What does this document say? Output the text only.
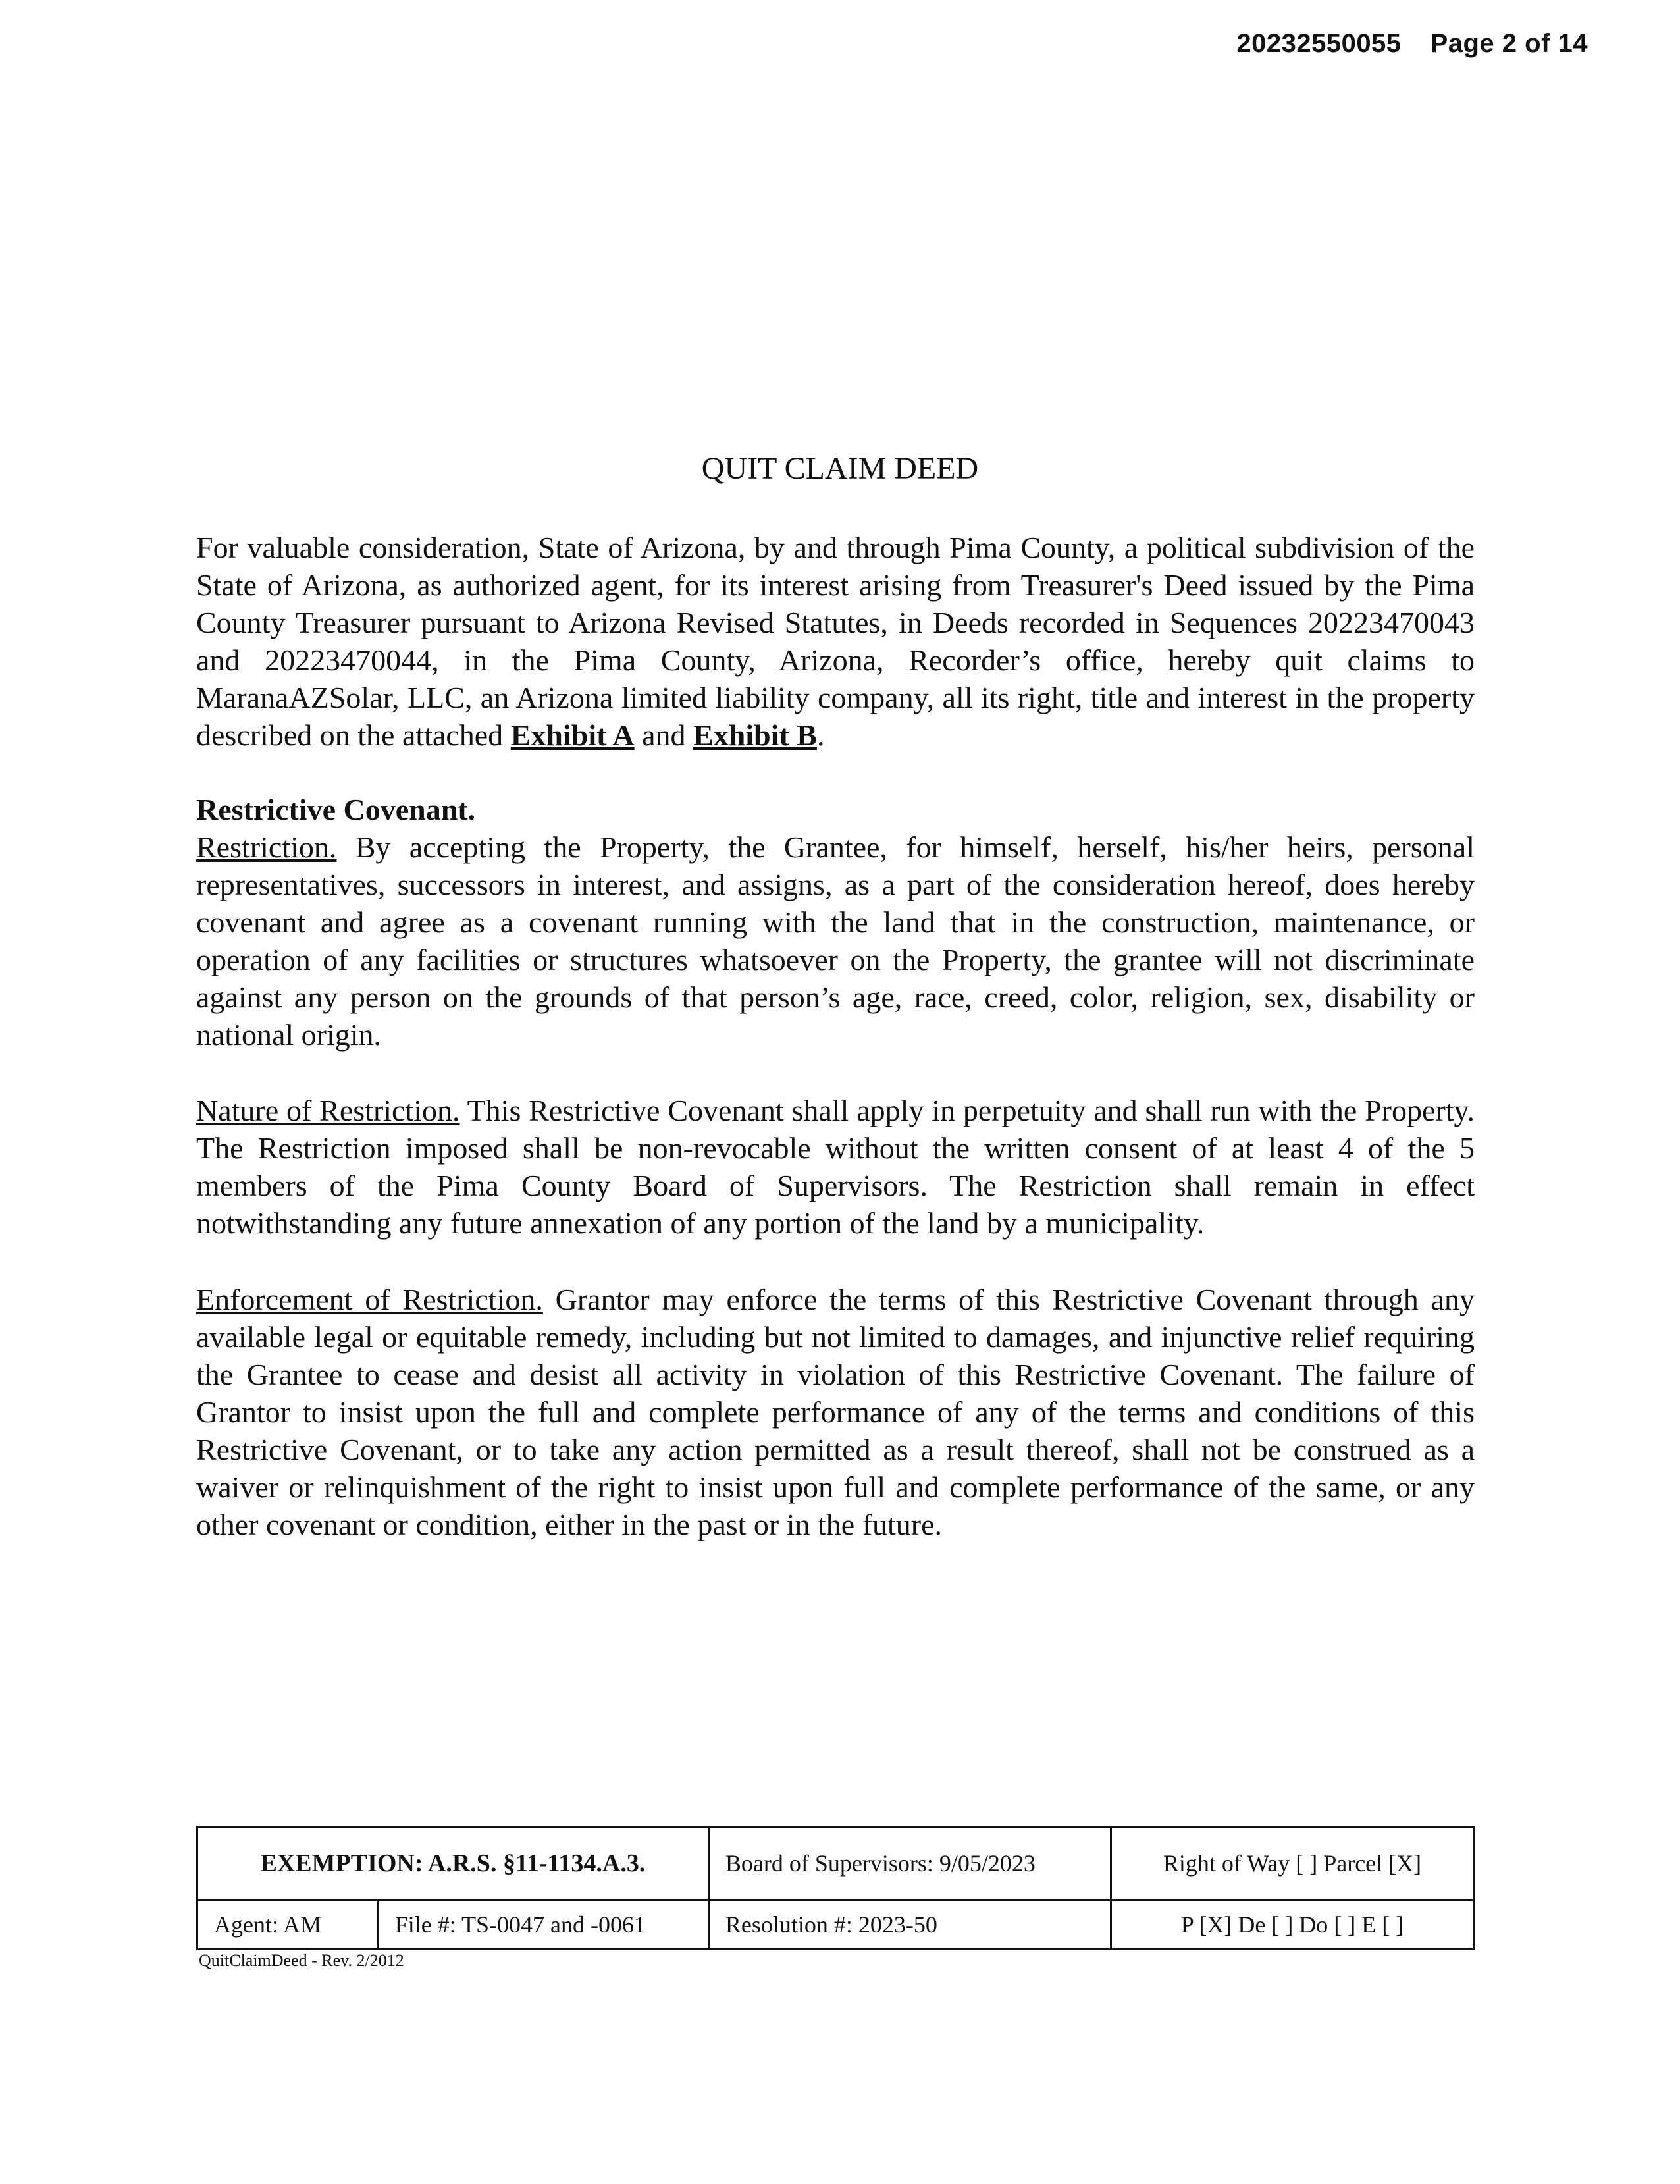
20232550055 Page 2 of 14
QUIT CLAIM DEED
For valuable consideration, State of Arizona, by and through Pima County, a political subdivision of the State of Arizona, as authorized agent, for its interest arising from Treasurer's Deed issued by the Pima County Treasurer pursuant to Arizona Revised Statutes, in Deeds recorded in Sequences 20223470043 and 20223470044, in the Pima County, Arizona, Recorder’s office, hereby quit claims to MaranaAZSolar, LLC, an Arizona limited liability company, all its right, title and interest in the property described on the attached Exhibit A and Exhibit B.
Restrictive Covenant.
Restriction. By accepting the Property, the Grantee, for himself, herself, his/her heirs, personal representatives, successors in interest, and assigns, as a part of the consideration hereof, does hereby covenant and agree as a covenant running with the land that in the construction, maintenance, or operation of any facilities or structures whatsoever on the Property, the grantee will not discriminate against any person on the grounds of that person’s age, race, creed, color, religion, sex, disability or national origin.
Nature of Restriction. This Restrictive Covenant shall apply in perpetuity and shall run with the Property. The Restriction imposed shall be non-revocable without the written consent of at least 4 of the 5 members of the Pima County Board of Supervisors. The Restriction shall remain in effect notwithstanding any future annexation of any portion of the land by a municipality.
Enforcement of Restriction. Grantor may enforce the terms of this Restrictive Covenant through any available legal or equitable remedy, including but not limited to damages, and injunctive relief requiring the Grantee to cease and desist all activity in violation of this Restrictive Covenant. The failure of Grantor to insist upon the full and complete performance of any of the terms and conditions of this Restrictive Covenant, or to take any action permitted as a result thereof, shall not be construed as a waiver or relinquishment of the right to insist upon full and complete performance of the same, or any other covenant or condition, either in the past or in the future.
EXEMPTION: A.R.S. §11-1134.A.3.		Board of Supervisors: 9/05/2023	Right of Way [ ] Parcel [X]
Agent: AM	File #: TS-0047 and -0061	Resolution #: 2023-50	P [X] De [ ] Do [ ] E [ ]
QuitClaimDeed - Rev. 2/2012
